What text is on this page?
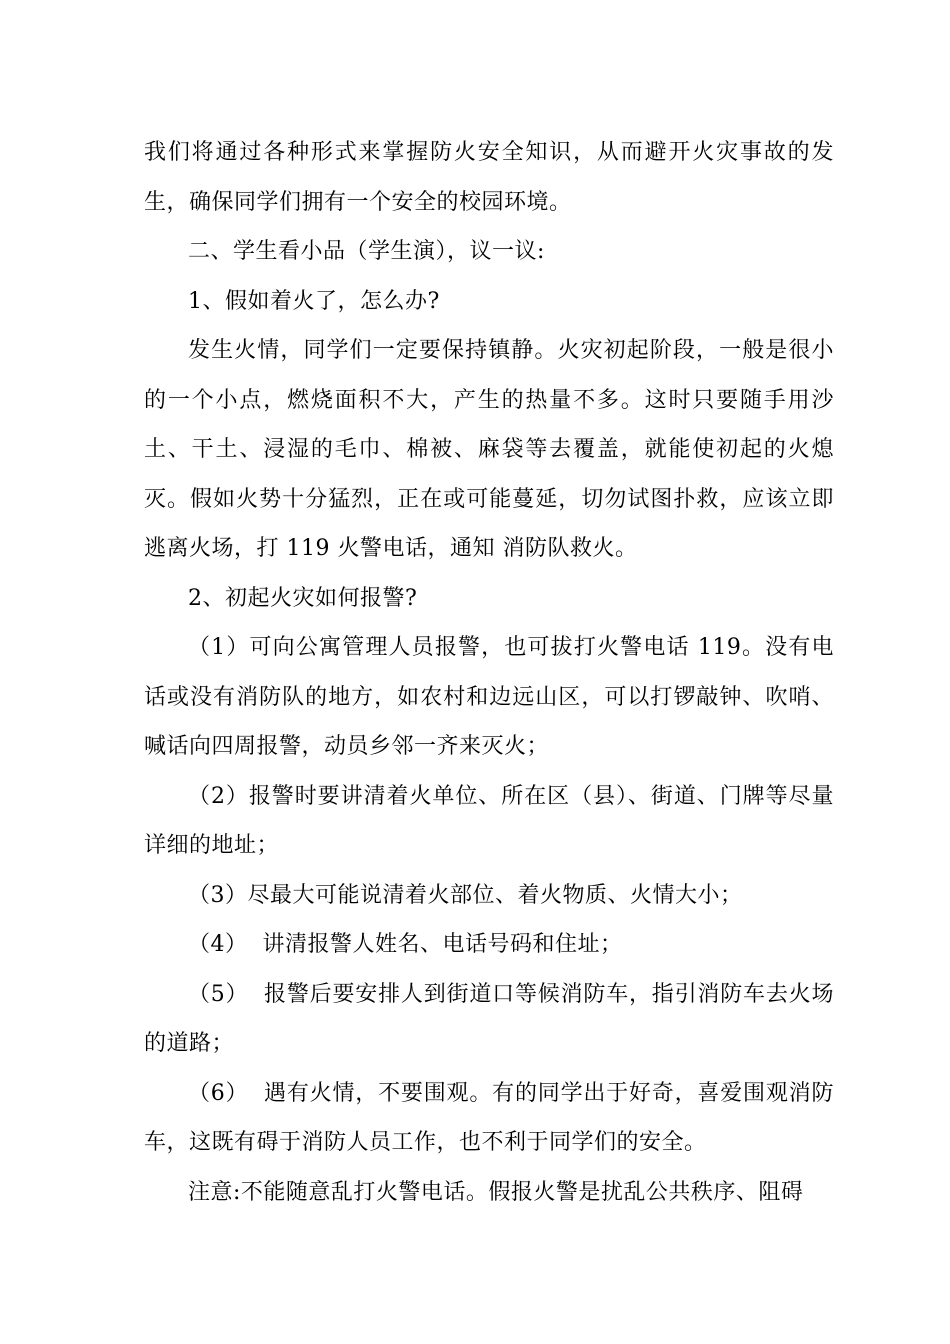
我们将通过各种形式来掌握防火安全知识，从而避开火灾事故的发生，确保同学们拥有一个安全的校园环境。

二、学生看小品（学生演），议一议:

1、假如着火了，怎么办?

发生火情，同学们一定要保持镇静。火灾初起阶段，一般是很小的一个小点，燃烧面积不大，产生的热量不多。这时只要随手用沙土、干土、浸湿的毛巾、棉被、麻袋等去覆盖，就能使初起的火熄灭。假如火势十分猛烈，正在或可能蔓延，切勿试图扑救，应该立即逃离火场，打 119 火警电话，通知 消防队救火。

2、初起火灾如何报警?

（1）可向公寓管理人员报警，也可拔打火警电话 119。没有电话或没有消防队的地方，如农村和边远山区，可以打锣敲钟、吹哨、喊话向四周报警，动员乡邻一齐来灭火；

（2）报警时要讲清着火单位、所在区（县）、街道、门牌等尽量详细的地址；

（3）尽最大可能说清着火部位、着火物质、火情大小；

（4）  讲清报警人姓名、电话号码和住址；

（5）  报警后要安排人到街道口等候消防车，指引消防车去火场的道路；

（6）  遇有火情，不要围观。有的同学出于好奇，喜爱围观消防车，这既有碍于消防人员工作，也不利于同学们的安全。

注意:不能随意乱打火警电话。假报火警是扰乱公共秩序、阻碍
